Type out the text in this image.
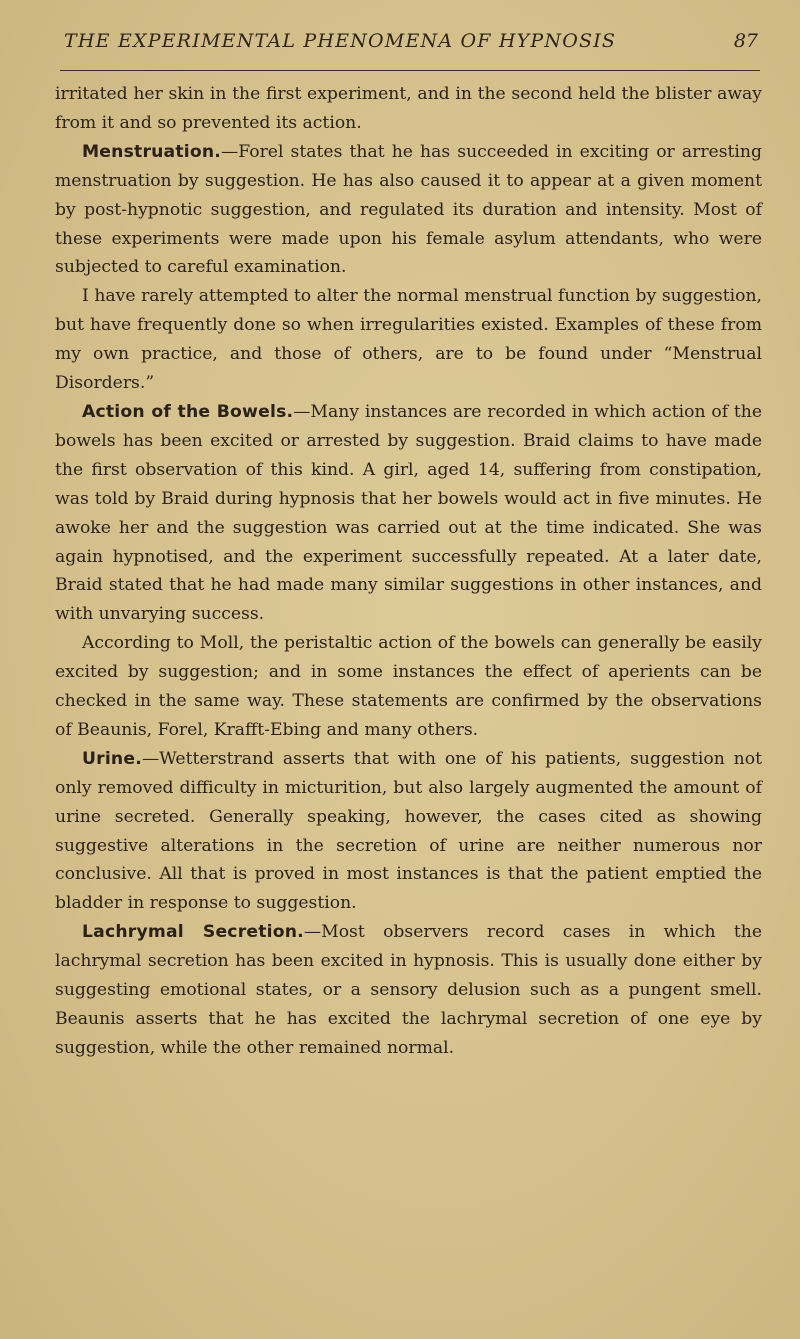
THE EXPERIMENTAL PHENOMENA OF HYPNOSIS	87

irritated her skin in the first experiment, and in the second held the blister away from it and so prevented its action.

Menstruation.—Forel states that he has succeeded in exciting or arresting menstruation by suggestion. He has also caused it to appear at a given moment by post-hypnotic suggestion, and regulated its duration and intensity. Most of these experiments were made upon his female asylum attendants, who were subjected to careful examination.

I have rarely attempted to alter the normal menstrual function by suggestion, but have frequently done so when irregularities existed. Examples of these from my own practice, and those of others, are to be found under “Menstrual Disorders.”

Action of the Bowels.—Many instances are recorded in which action of the bowels has been excited or arrested by suggestion. Braid claims to have made the first observation of this kind. A girl, aged 14, suffering from constipation, was told by Braid during hypnosis that her bowels would act in five minutes. He awoke her and the suggestion was carried out at the time indicated. She was again hypnotised, and the experiment successfully repeated. At a later date, Braid stated that he had made many similar suggestions in other instances, and with unvarying success.

According to Moll, the peristaltic action of the bowels can generally be easily excited by suggestion; and in some instances the effect of aperients can be checked in the same way. These statements are confirmed by the observations of Beaunis, Forel, Krafft-Ebing and many others.

Urine.—Wetterstrand asserts that with one of his patients, suggestion not only removed difficulty in micturition, but also largely augmented the amount of urine secreted. Generally speaking, however, the cases cited as showing suggestive alterations in the secretion of urine are neither numerous nor conclusive. All that is proved in most instances is that the patient emptied the bladder in response to suggestion.

Lachrymal Secretion.—Most observers record cases in which the lachrymal secretion has been excited in hypnosis. This is usually done either by suggesting emotional states, or a sensory delusion such as a pungent smell. Beaunis asserts that he has excited the lachrymal secretion of one eye by suggestion, while the other remained normal.
